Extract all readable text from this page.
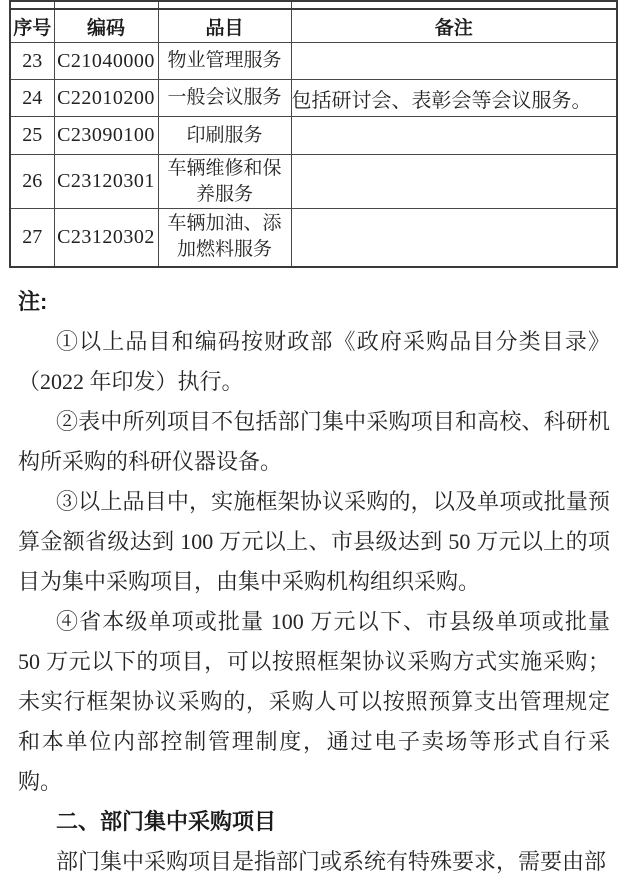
序号	编码	品目	备注
23	C21040000	物业管理服务	
24	C22010200	一般会议服务	包括研讨会、表彰会等会议服务。
25	C23090100	印刷服务	
26	C23120301	车辆维修和保养服务	
27	C23120302	车辆加油、添加燃料服务	
注:

①以上品目和编码按财政部《政府采购品目分类目录》（2022 年印发）执行。

②表中所列项目不包括部门集中采购项目和高校、科研机构所采购的科研仪器设备。

③以上品目中，实施框架协议采购的，以及单项或批量预算金额省级达到 100 万元以上、市县级达到 50 万元以上的项目为集中采购项目，由集中采购机构组织采购。

④省本级单项或批量 100 万元以下、市县级单项或批量 50 万元以下的项目，可以按照框架协议采购方式实施采购；未实行框架协议采购的，采购人可以按照预算支出管理规定和本单位内部控制管理制度，通过电子卖场等形式自行采购。

二、部门集中采购项目

部门集中采购项目是指部门或系统有特殊要求，需要由部
